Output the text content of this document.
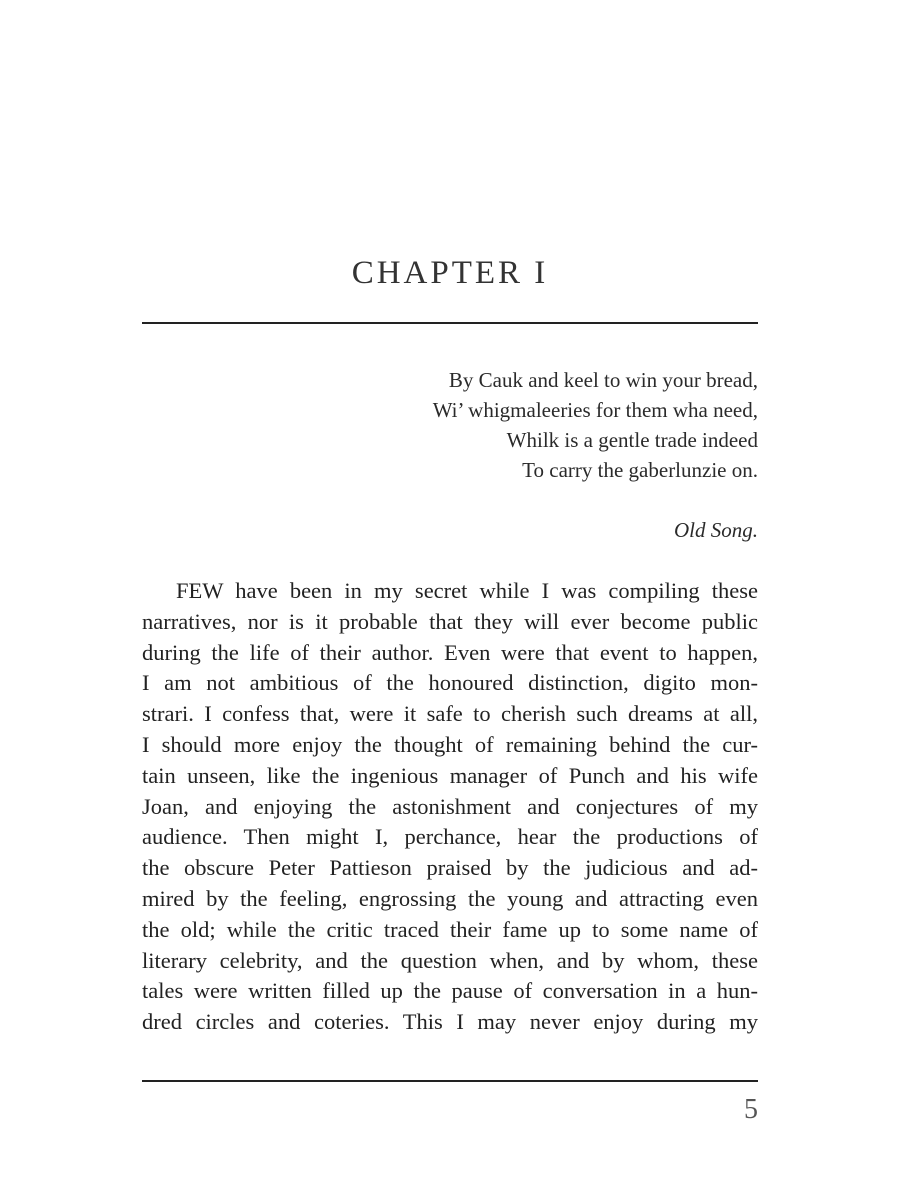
CHAPTER I
By Cauk and keel to win your bread,
Wi’ whigmaleeries for them wha need,
Whilk is a gentle trade indeed
To carry the gaberlunzie on.
Old Song.
FEW have been in my secret while I was compiling these
narratives, nor is it probable that they will ever become public
during the life of their author. Even were that event to happen,
I am not ambitious of the honoured distinction, digito mon-
strari. I confess that, were it safe to cherish such dreams at all,
I should more enjoy the thought of remaining behind the cur-
tain unseen, like the ingenious manager of Punch and his wife
Joan, and enjoying the astonishment and conjectures of my
audience. Then might I, perchance, hear the productions of
the obscure Peter Pattieson praised by the judicious and ad-
mired by the feeling, engrossing the young and attracting even
the old; while the critic traced their fame up to some name of
literary celebrity, and the question when, and by whom, these
tales were written filled up the pause of conversation in a hun-
dred circles and coteries. This I may never enjoy during my
5
